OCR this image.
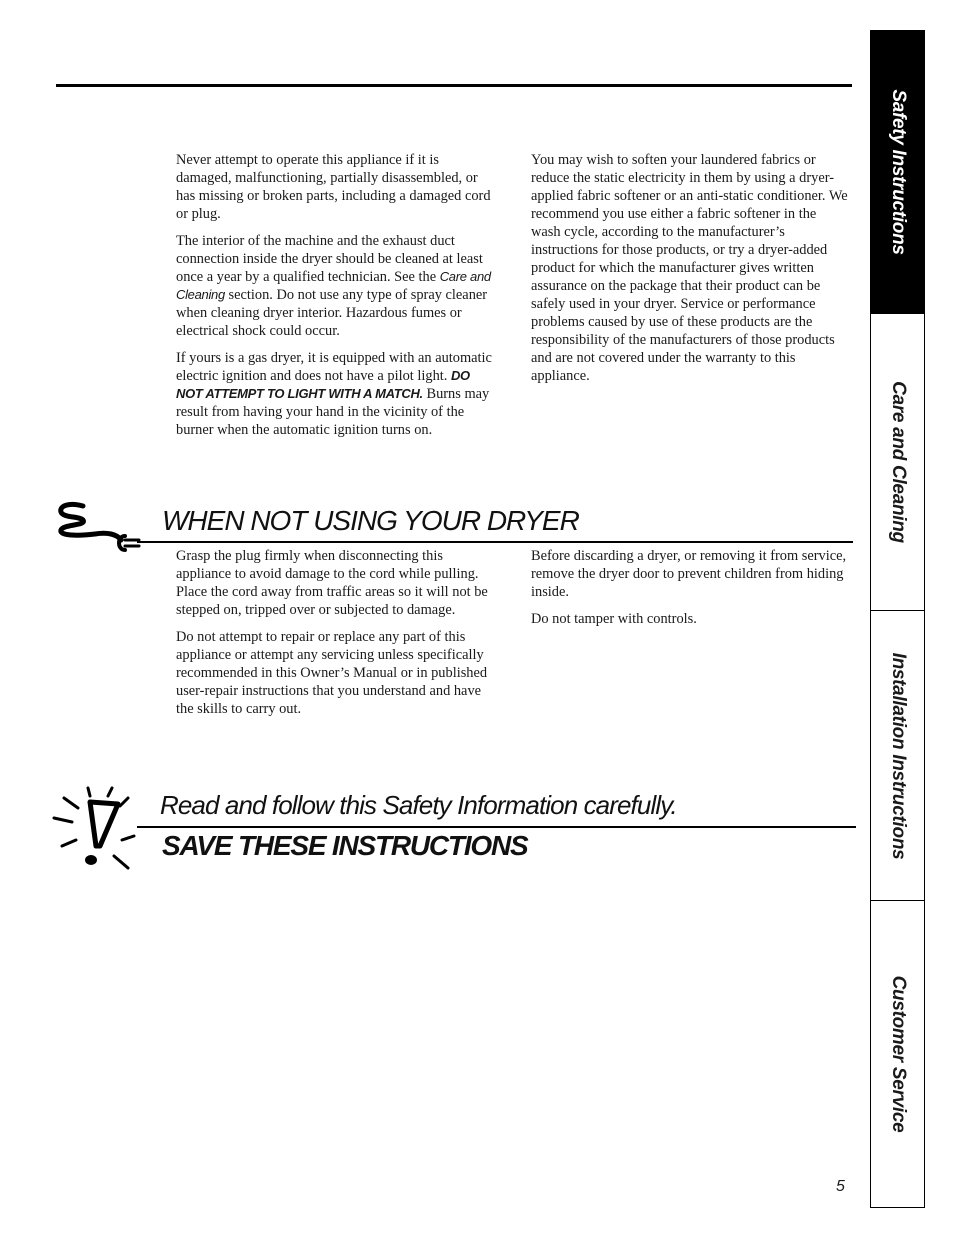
Never attempt to operate this appliance if it is damaged, malfunctioning, partially disassembled, or has missing or broken parts, including a damaged cord or plug.

The interior of the machine and the exhaust duct connection inside the dryer should be cleaned at least once a year by a qualified technician. See the Care and Cleaning section. Do not use any type of spray cleaner when cleaning dryer interior. Hazardous fumes or electrical shock could occur.

If yours is a gas dryer, it is equipped with an automatic electric ignition and does not have a pilot light. DO NOT ATTEMPT TO LIGHT WITH A MATCH. Burns may result from having your hand in the vicinity of the burner when the automatic ignition turns on.

You may wish to soften your laundered fabrics or reduce the static electricity in them by using a dryer-applied fabric softener or an anti-static conditioner. We recommend you use either a fabric softener in the wash cycle, according to the manufacturer’s instructions for those products, or try a dryer-added product for which the manufacturer gives written assurance on the package that their product can be safely used in your dryer. Service or performance problems caused by use of these products are the responsibility of the manufacturers of those products and are not covered under the warranty to this appliance.

WHEN NOT USING YOUR DRYER

Grasp the plug firmly when disconnecting this appliance to avoid damage to the cord while pulling. Place the cord away from traffic areas so it will not be stepped on, tripped over or subjected to damage.

Do not attempt to repair or replace any part of this appliance or attempt any servicing unless specifically recommended in this Owner’s Manual or in published user-repair instructions that you understand and have the skills to carry out.

Before discarding a dryer, or removing it from service, remove the dryer door to prevent children from hiding inside.

Do not tamper with controls.

Read and follow this Safety Information carefully.
SAVE THESE INSTRUCTIONS
Safety Instructions
Care and Cleaning
Installation Instructions
Customer Service
5
